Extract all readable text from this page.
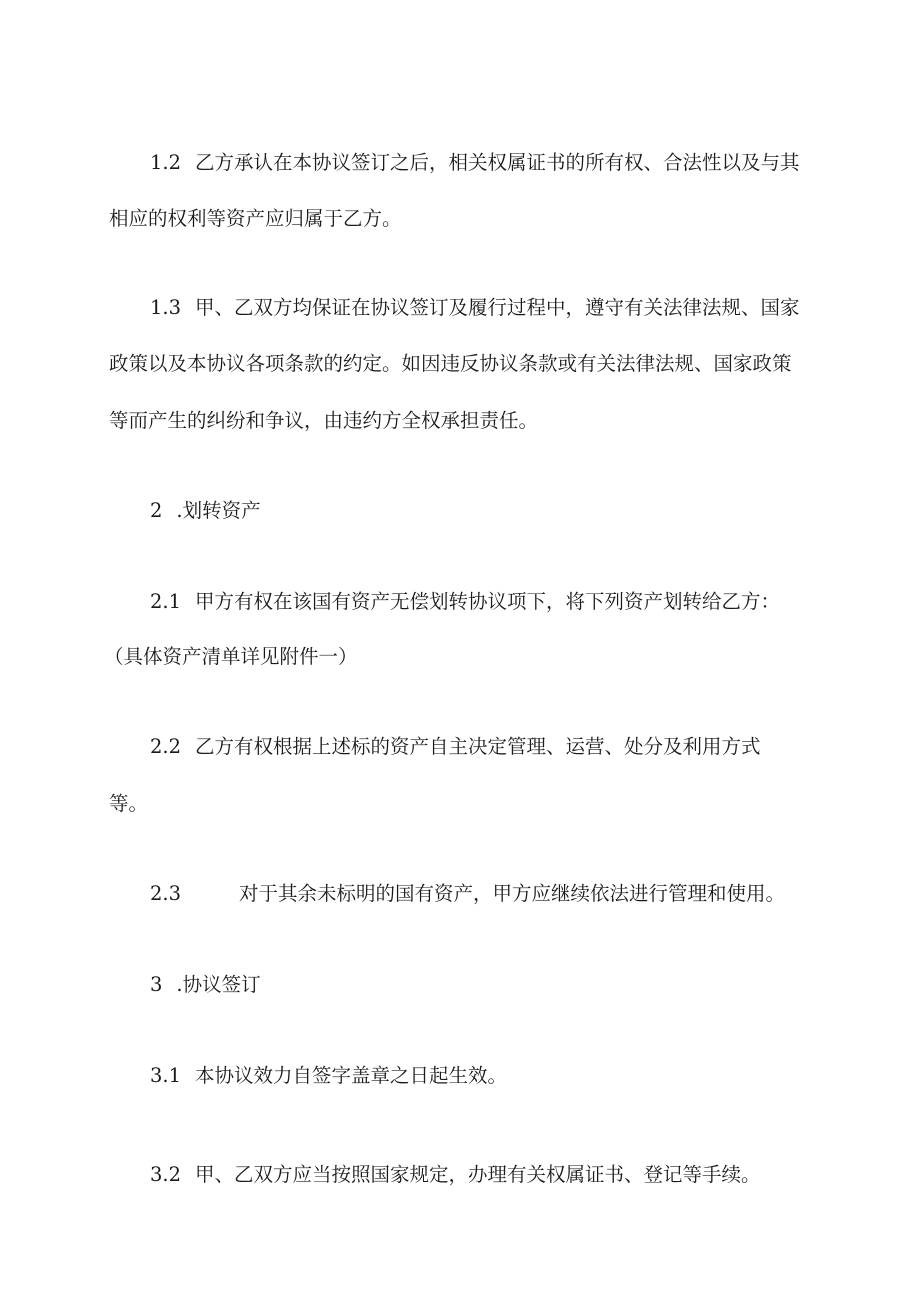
1.2 乙方承认在本协议签订之后，相关权属证书的所有权、合法性以及与其
相应的权利等资产应归属于乙方。
1.3 甲、乙双方均保证在协议签订及履行过程中，遵守有关法律法规、国家
政策以及本协议各项条款的约定。如因违反协议条款或有关法律法规、国家政策
等而产生的纠纷和争议，由违约方全权承担责任。
2 .划转资产
2.1 甲方有权在该国有资产无偿划转协议项下，将下列资产划转给乙方：
（具体资产清单详见附件一）
2.2 乙方有权根据上述标的资产自主决定管理、运营、处分及利用方式
等。
2.3	对于其余未标明的国有资产，甲方应继续依法进行管理和使用。
3 .协议签订
3.1 本协议效力自签字盖章之日起生效。
3.2 甲、乙双方应当按照国家规定，办理有关权属证书、登记等手续。
